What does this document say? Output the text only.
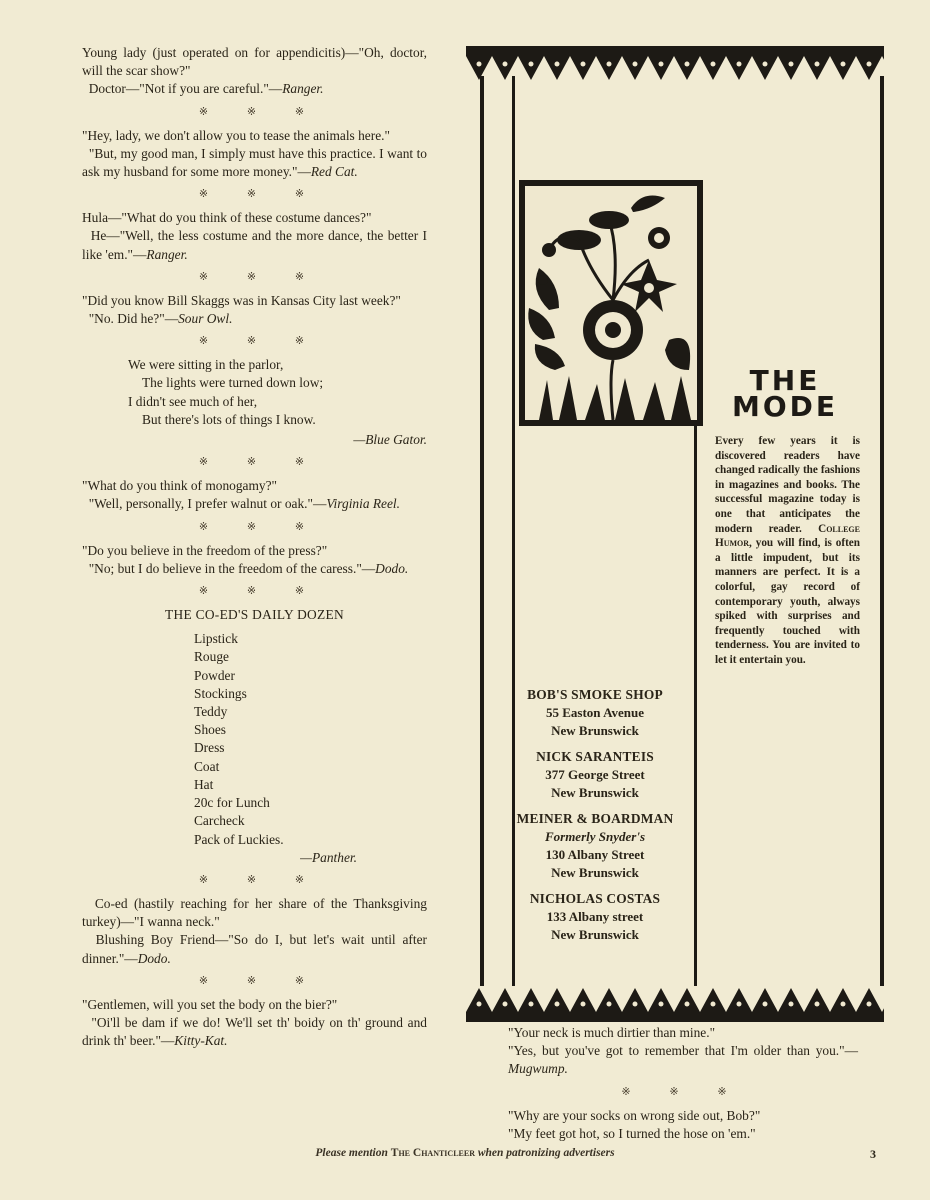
Young lady (just operated on for appendicitis)—"Oh, doctor, will the scar show?"

Doctor—"Not if you are careful."—Ranger.

※ ※ ※

"Hey, lady, we don't allow you to tease the animals here."

"But, my good man, I simply must have this practice. I want to ask my husband for some more money."—Red Cat.

※ ※ ※

Hula—"What do you think of these costume dances?"

He—"Well, the less costume and the more dance, the better I like 'em."—Ranger.

※ ※ ※

"Did you know Bill Skaggs was in Kansas City last week?"

"No. Did he?"—Sour Owl.

※ ※ ※

We were sitting in the parlor,

The lights were turned down low;

I didn't see much of her,

But there's lots of things I know.

—Blue Gator.

※ ※ ※

"What do you think of monogamy?"

"Well, personally, I prefer walnut or oak."—Virginia Reel.

※ ※ ※

"Do you believe in the freedom of the press?"

"No; but I do believe in the freedom of the caress."—Dodo.

※ ※ ※
THE CO-ED'S DAILY DOZEN

Lipstick

Rouge

Powder

Stockings

Teddy

Shoes

Dress

Coat

Hat

20c for Lunch

Carcheck

Pack of Luckies.

—Panther.

※ ※ ※

Co-ed (hastily reaching for her share of the Thanksgiving turkey)—"I wanna neck."

Blushing Boy Friend—"So do I, but let's wait until after dinner."—Dodo.

※ ※ ※

"Gentlemen, will you set the body on the bier?"

"Oi'll be dam if we do! We'll set th' boidy on th' ground and drink th' beer."—Kitty-Kat.

THE
MODE
Every few years it is discovered readers have changed radically the fashions in magazines and books. The successful magazine today is one that anticipates the modern reader. College Humor, you will find, is often a little impudent, but its manners are perfect. It is a colorful, gay record of contemporary youth, always spiked with surprises and frequently touched with tenderness. You are invited to let it entertain you.
BOB'S SMOKE SHOP
55 Easton Avenue
New Brunswick
NICK SARANTEIS
377 George Street
New Brunswick
MEINER & BOARDMAN
Formerly Snyder's
130 Albany Street
New Brunswick
NICHOLAS COSTAS
133 Albany street
New Brunswick

"Your neck is much dirtier than mine."

"Yes, but you've got to remember that I'm older than you."—Mugwump.

※ ※ ※

"Why are your socks on wrong side out, Bob?"

"My feet got hot, so I turned the hose on 'em."

Please mention The Chanticleer when patronizing advertisers	3
